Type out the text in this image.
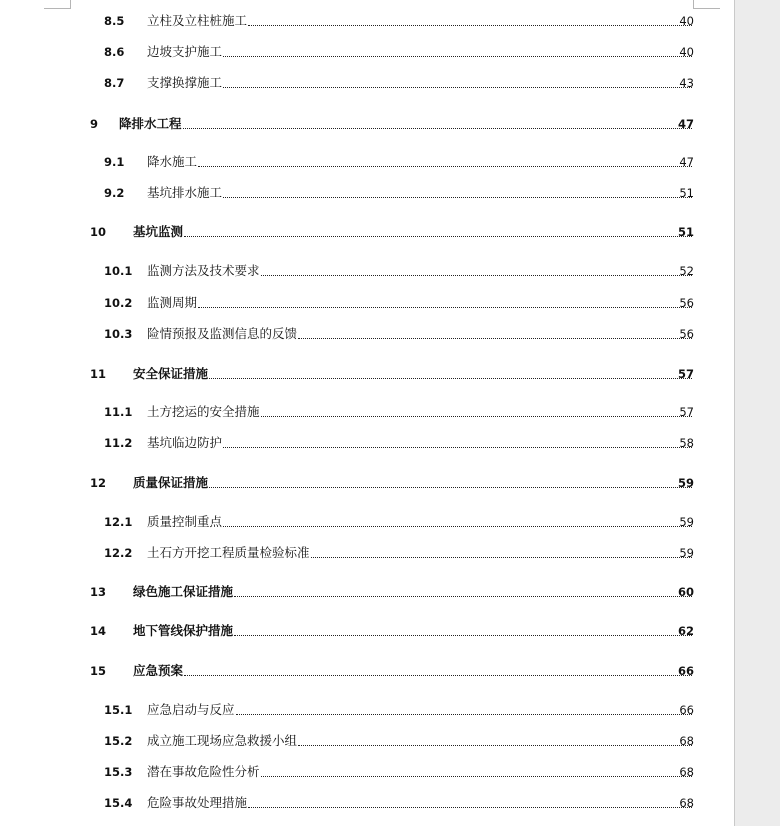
8.5 立柱及立柱桩施工	40
8.6 边坡支护施工	40
8.7 支撑换撑施工	43
9 降排水工程	47
9.1 降水施工	47
9.2 基坑排水施工	51
10 基坑监测	51
10.1 监测方法及技术要求	52
10.2 监测周期	56
10.3 险情预报及监测信息的反馈	56
11 安全保证措施	57
11.1 土方挖运的安全措施	57
11.2 基坑临边防护	58
12 质量保证措施	59
12.1 质量控制重点	59
12.2 土石方开挖工程质量检验标准	59
13 绿色施工保证措施	60
14 地下管线保护措施	62
15 应急预案	66
15.1 应急启动与反应	66
15.2 成立施工现场应急救援小组	68
15.3 潜在事故危险性分析	68
15.4 危险事故处理措施	68
